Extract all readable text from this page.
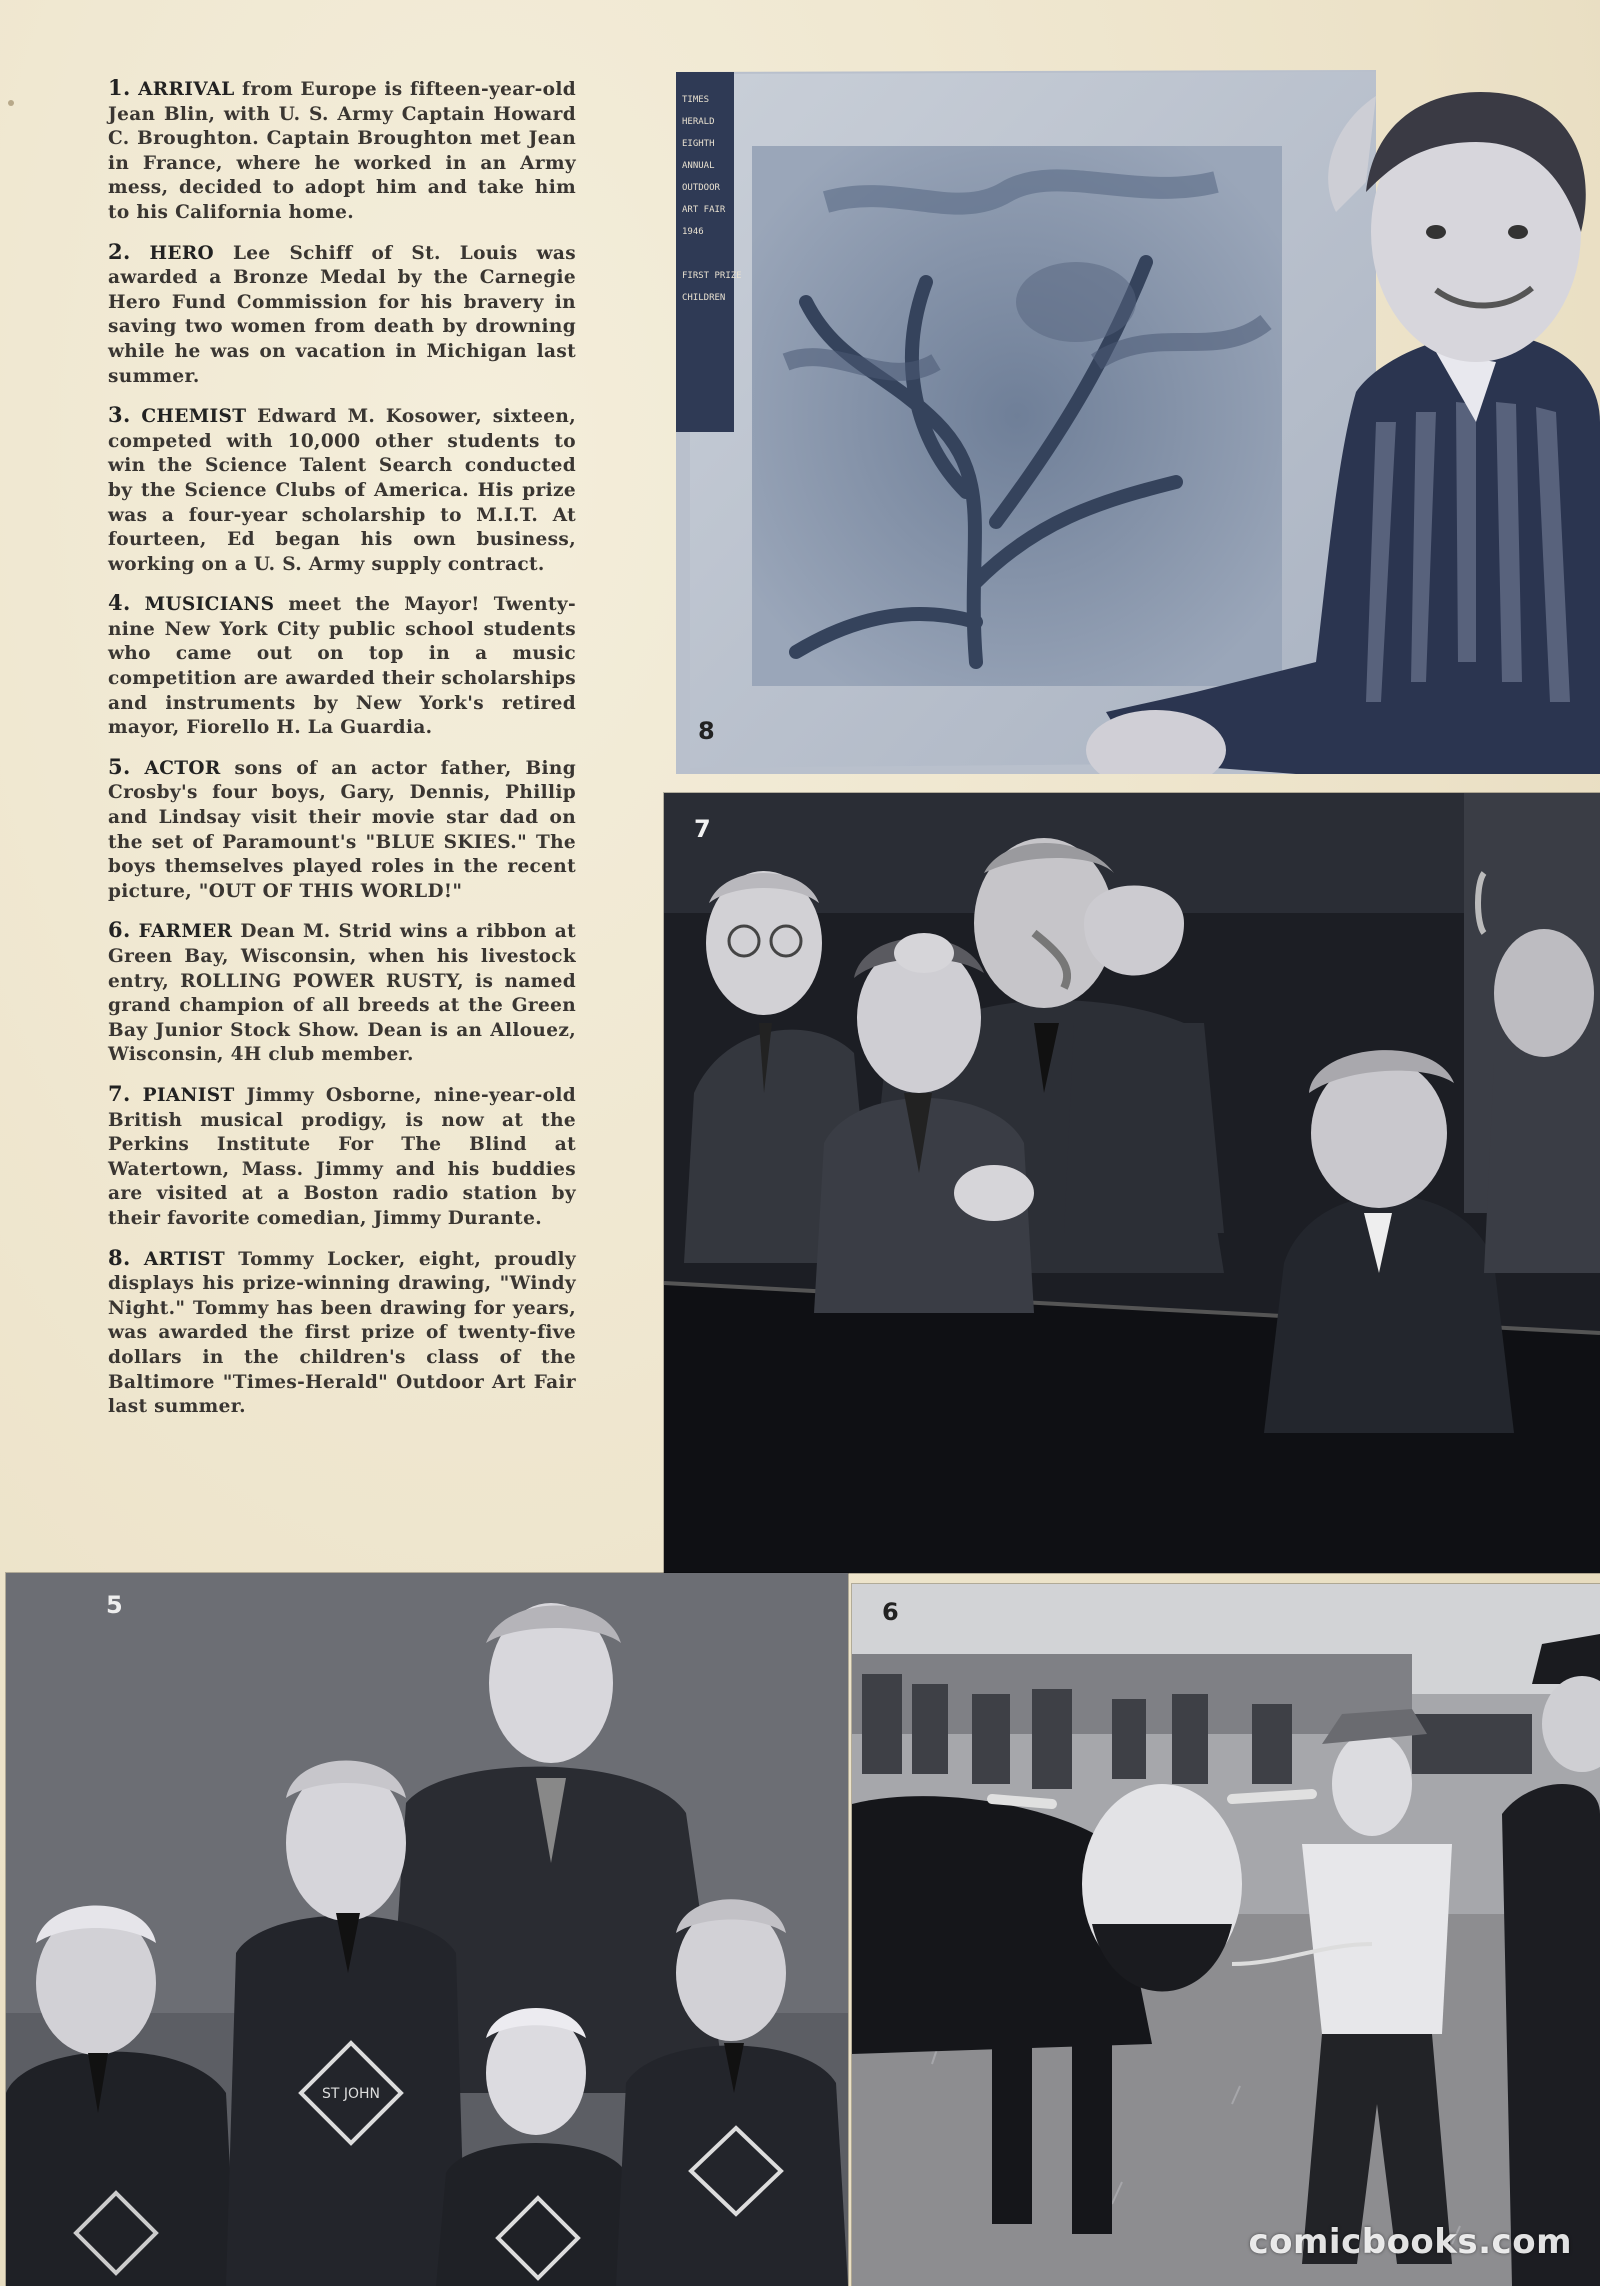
1. ARRIVAL from Europe is fifteen-year-old Jean Blin, with U. S. Army Captain Howard C. Broughton. Captain Broughton met Jean in France, where he worked in an Army mess, decided to adopt him and take him to his California home.

2. HERO Lee Schiff of St. Louis was awarded a Bronze Medal by the Carnegie Hero Fund Commission for his bravery in saving two women from death by drowning while he was on vacation in Michigan last summer.

3. CHEMIST Edward M. Kosower, sixteen, competed with 10,000 other students to win the Science Talent Search conducted by the Science Clubs of America. His prize was a four-year scholarship to M.I.T. At fourteen, Ed began his own business, working on a U. S. Army supply contract.

4. MUSICIANS meet the Mayor! Twenty-nine New York City public school students who came out on top in a music competition are awarded their scholarships and instruments by New York's retired mayor, Fiorello H. La Guardia.

5. ACTOR sons of an actor father, Bing Crosby's four boys, Gary, Dennis, Phillip and Lindsay visit their movie star dad on the set of Paramount's "BLUE SKIES." The boys themselves played roles in the recent picture, "OUT OF THIS WORLD!"

6. FARMER Dean M. Strid wins a ribbon at Green Bay, Wisconsin, when his livestock entry, ROLLING POWER RUSTY, is named grand champion of all breeds at the Green Bay Junior Stock Show. Dean is an Allouez, Wisconsin, 4H club member.

7. PIANIST Jimmy Osborne, nine-year-old British musical prodigy, is now at the Perkins Institute For The Blind at Watertown, Mass. Jimmy and his buddies are visited at a Boston radio station by their favorite comedian, Jimmy Durante.

8. ARTIST Tommy Locker, eight, proudly displays his prize-winning drawing, "Windy Night." Tommy has been drawing for years, was awarded the first prize of twenty-five dollars in the children's class of the Baltimore "Times-Herald" Outdoor Art Fair last summer.

TIMES
HERALD
EIGHTH
ANNUAL
OUTDOOR
ART FAIR
1946
FIRST PRIZE
CHILDREN
8
7
ST JOHN
5	6
comicbooks.com
